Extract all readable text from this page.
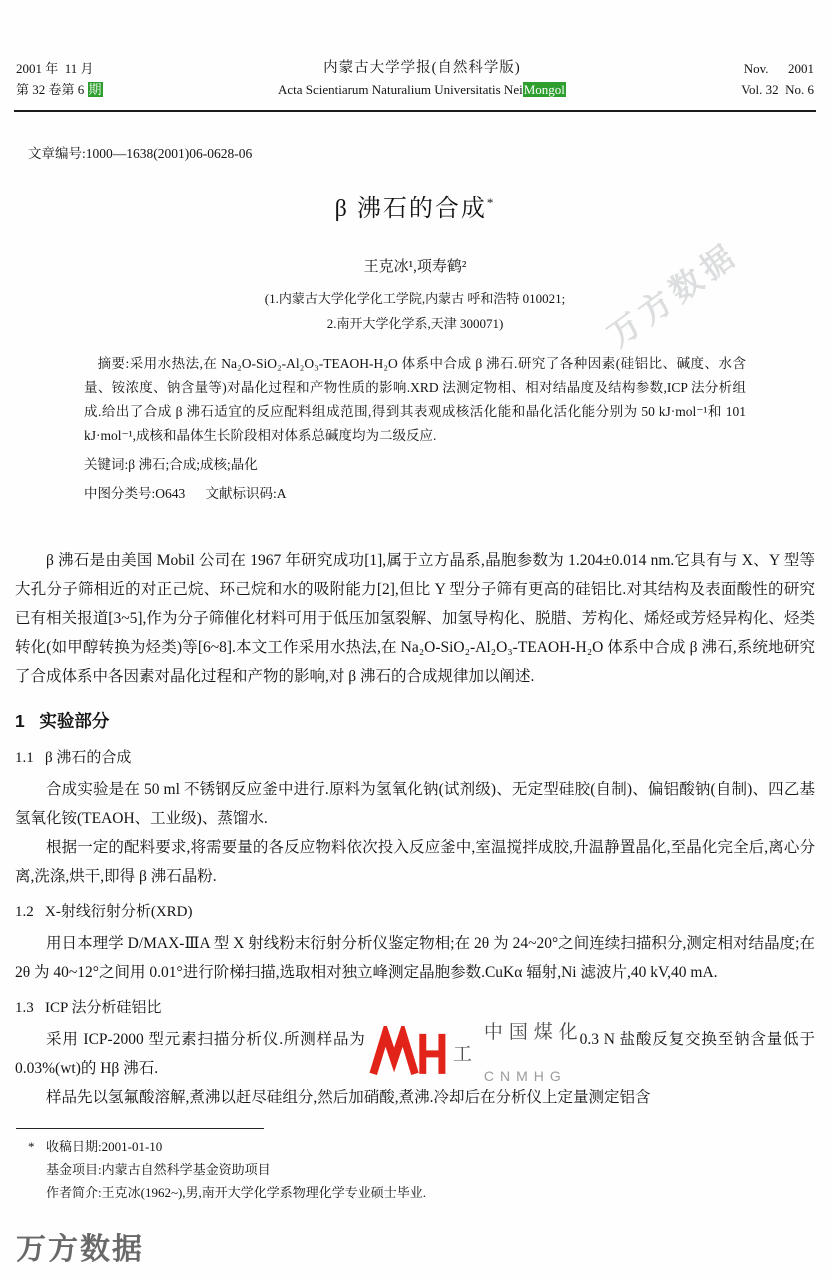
2001 年  11 月
第 32 卷第 6 期
内蒙古大学学报(自然科学版)
Acta Scientiarum Naturalium Universitatis NeiMongol
Nov.      2001
Vol. 32  No. 6
文章编号:1000—1638(2001)06-0628-06
β 沸石的合成*
王克冰¹,项寿鹤²
(1.内蒙古大学化学化工学院,内蒙古 呼和浩特 010021;
2.南开大学化学系,天津 300071)

摘要:采用水热法,在 Na₂O-SiO₂-Al₂O₃-TEAOH-H₂O 体系中合成 β 沸石.研究了各种因素(硅铝比、碱度、水含量、铵浓度、钠含量等)对晶化过程和产物性质的影响.XRD 法测定物相、相对结晶度及结构参数,ICP 法分析组成.给出了合成 β 沸石适宜的反应配料组成范围,得到其表观成核活化能和晶化活化能分别为 50 kJ·mol⁻¹和 101 kJ·mol⁻¹,成核和晶体生长阶段相对体系总碱度均为二级反应.

关键词:β 沸石;合成;成核;晶化
中图分类号:O643      文献标识码:A

β 沸石是由美国 Mobil 公司在 1967 年研究成功[1],属于立方晶系,晶胞参数为 1.204±0.014 nm.它具有与 X、Y 型等大孔分子筛相近的对正己烷、环己烷和水的吸附能力[2],但比 Y 型分子筛有更高的硅铝比.对其结构及表面酸性的研究已有相关报道[3~5],作为分子筛催化材料可用于低压加氢裂解、加氢导构化、脱腊、芳构化、烯烃或芳烃异构化、烃类转化(如甲醇转换为烃类)等[6~8].本文工作采用水热法,在 Na₂O-SiO₂-Al₂O₃-TEAOH-H₂O 体系中合成 β 沸石,系统地研究了合成体系中各因素对晶化过程和产物的影响,对 β 沸石的合成规律加以阐述.

1   实验部分
1.1   β 沸石的合成

合成实验是在 50 ml 不锈钢反应釜中进行.原料为氢氧化钠(试剂级)、无定型硅胶(自制)、偏铝酸钠(自制)、四乙基氢氧化铵(TEAOH、工业级)、蒸馏水.

根据一定的配料要求,将需要量的各反应物料依次投入反应釜中,室温搅拌成胶,升温静置晶化,至晶化完全后,离心分离,洗涤,烘干,即得 β 沸石晶粉.

1.2   X-射线衍射分析(XRD)

用日本理学 D/MAX-ⅢA 型 X 射线粉末衍射分析仪鉴定物相;在 2θ 为 24~20°之间连续扫描积分,测定相对结晶度;在 2θ 为 40~12°之间用 0.01°进行阶梯扫描,选取相对独立峰测定晶胞参数.CuKα 辐射,Ni 滤波片,40 kV,40 mA.

1.3   ICP 法分析硅铝比

采用 ICP-2000 型元素扫描分析仪.所测样品为	中国煤化工
CNMHG
0.3 N 盐酸反复交换至钠含量低于 0.03%(wt)的 Hβ 沸石.

样品先以氢氟酸溶解,煮沸以赶尽硅组分,然后加硝酸,煮沸.冷却后在分析仪上定量测定铝含

* 收稿日期:2001-01-10
基金项目:内蒙古自然科学基金资助项目
作者简介:王克冰(1962~),男,南开大学化学系物理化学专业硕士毕业.
万方数据
万方数据
